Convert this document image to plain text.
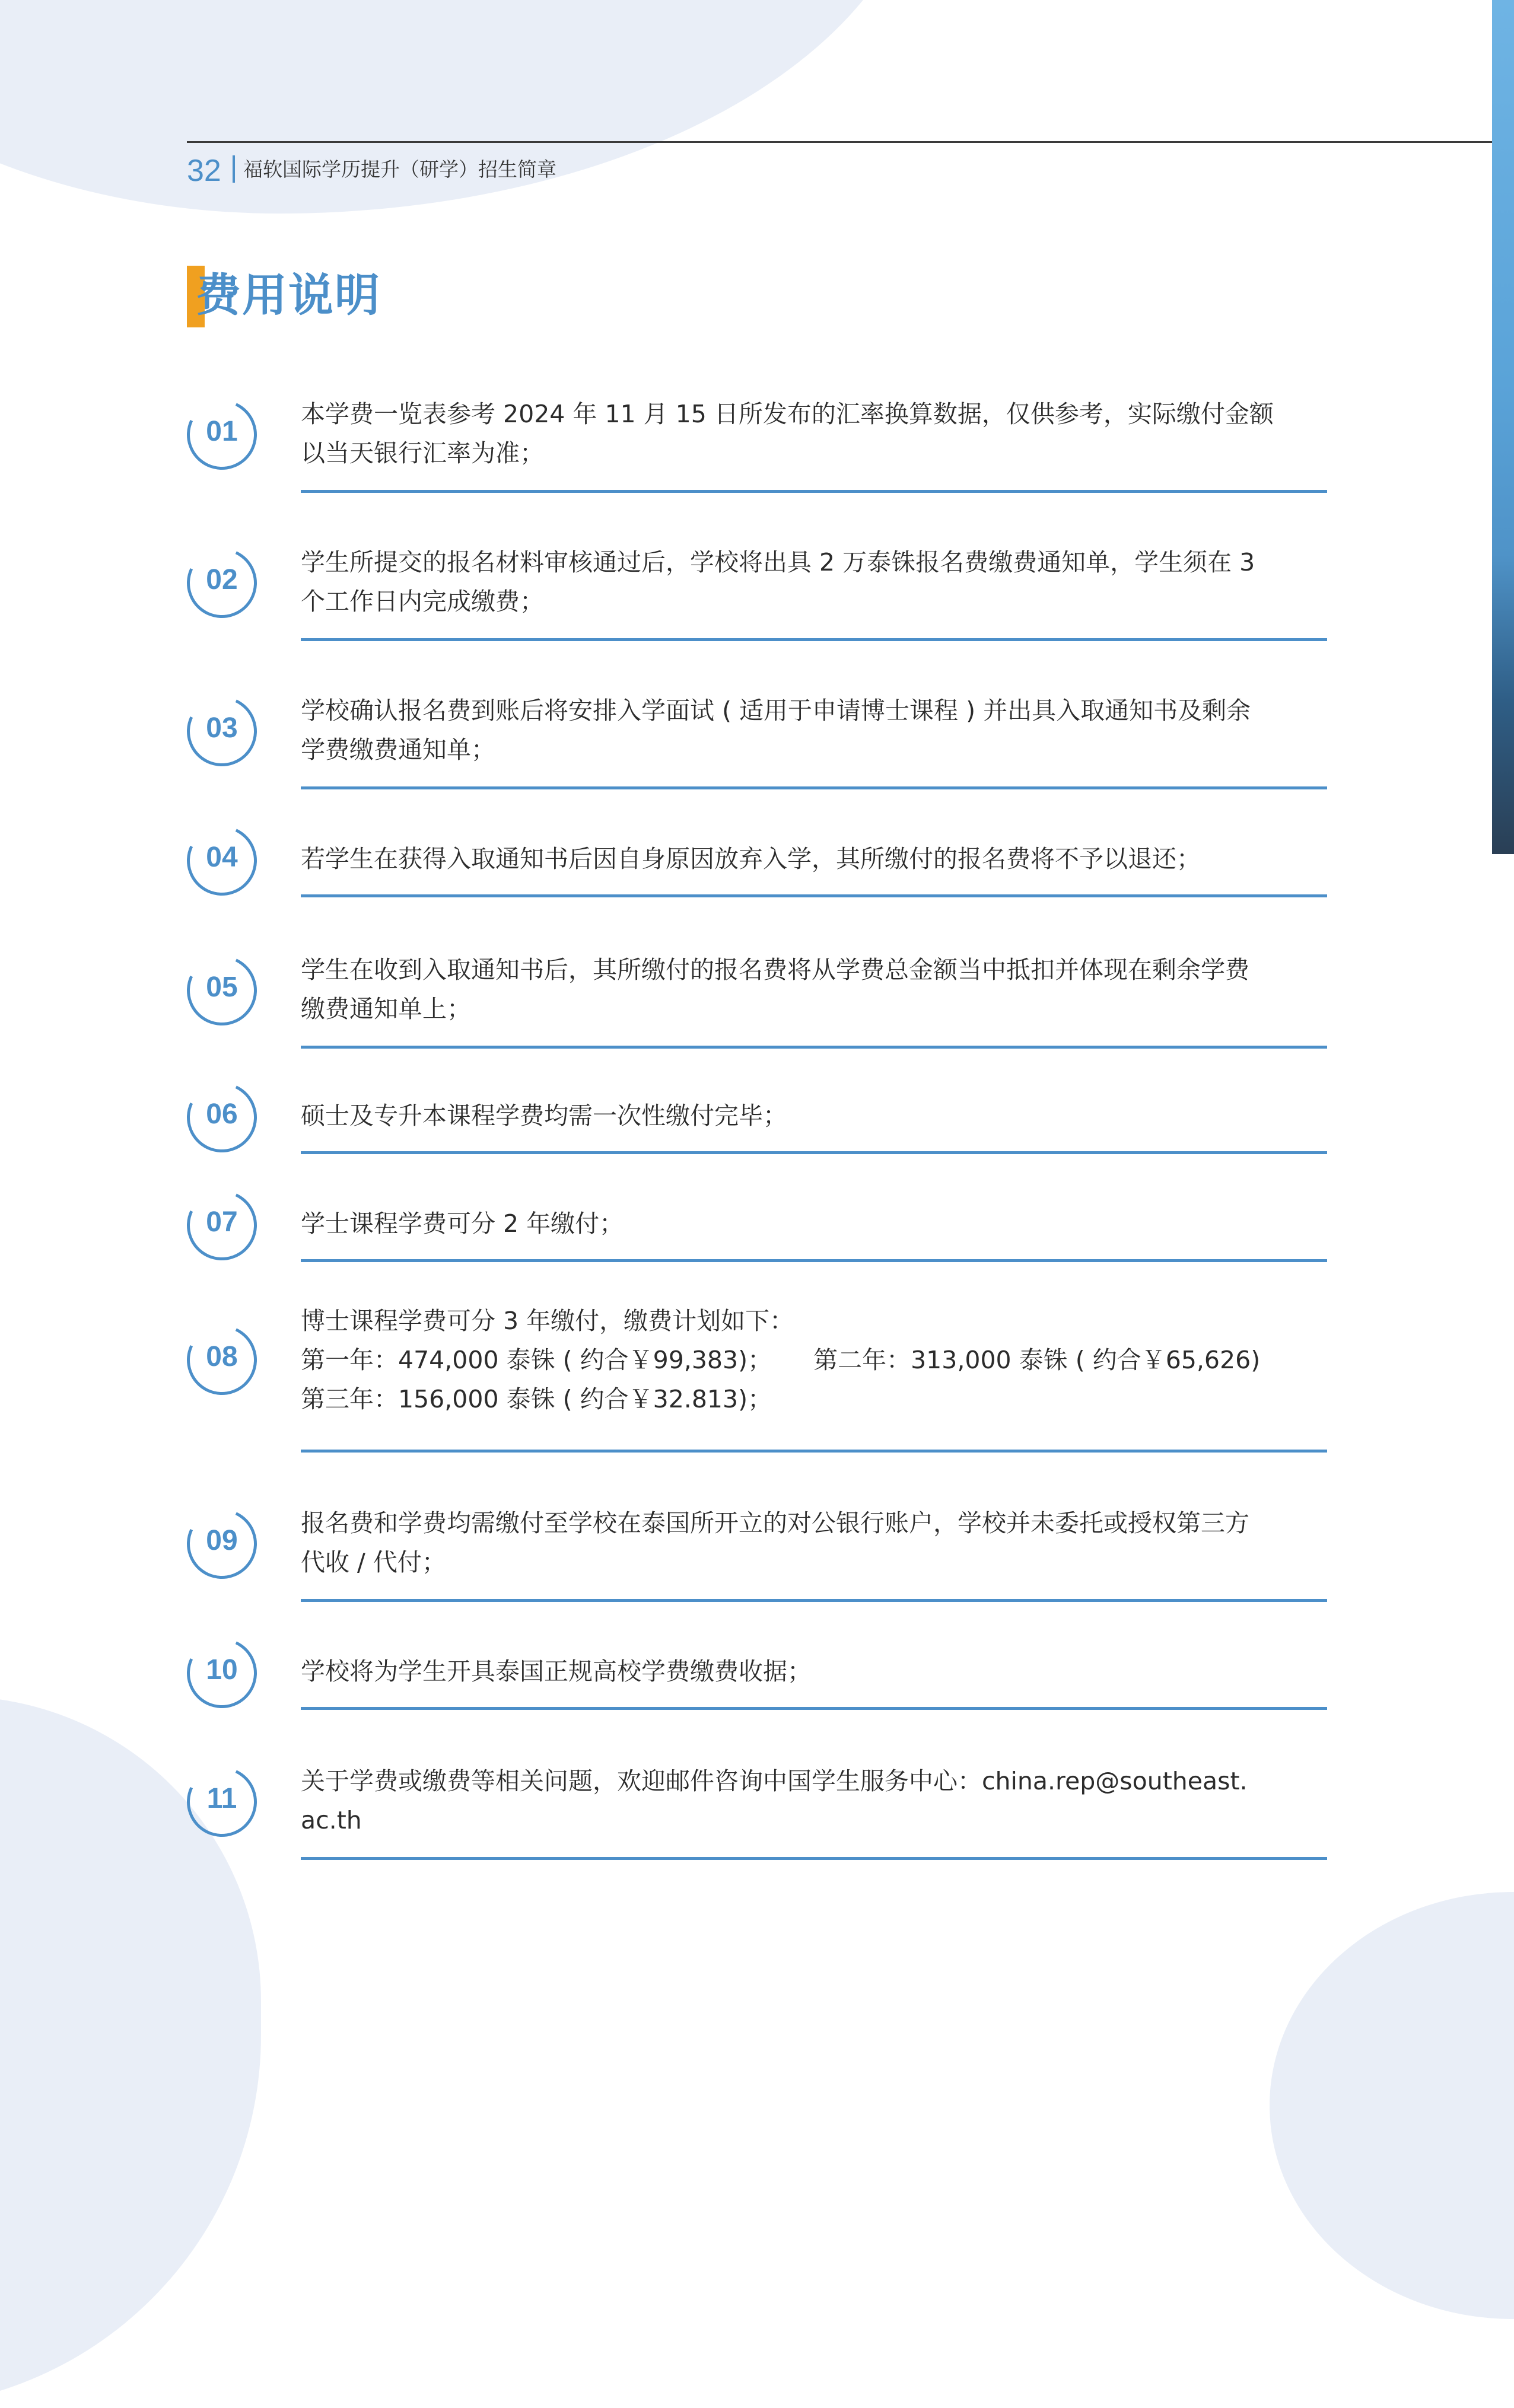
32 福软国际学历提升（研学）招生简章
费用说明
01
本学费一览表参考 2024 年 11 月 15 日所发布的汇率换算数据，仅供参考，实际缴付金额
以当天银行汇率为准；
02
学生所提交的报名材料审核通过后，学校将出具 2 万泰铢报名费缴费通知单，学生须在 3
个工作日内完成缴费；
03
学校确认报名费到账后将安排入学面试 ( 适用于申请博士课程 ) 并出具入取通知书及剩余
学费缴费通知单；
04	若学生在获得入取通知书后因自身原因放弃入学，其所缴付的报名费将不予以退还；
05
学生在收到入取通知书后，其所缴付的报名费将从学费总金额当中抵扣并体现在剩余学费
缴费通知单上；
06	硕士及专升本课程学费均需一次性缴付完毕；
07	学士课程学费可分 2 年缴付；
08
博士课程学费可分 3 年缴付，缴费计划如下：
第一年：474,000 泰铢 ( 约合￥99,383)； 第二年：313,000 泰铢 ( 约合￥65,626)
第三年：156,000 泰铢 ( 约合￥32.813)；
09
报名费和学费均需缴付至学校在泰国所开立的对公银行账户，学校并未委托或授权第三方
代收 / 代付；
10	学校将为学生开具泰国正规高校学费缴费收据；
11
关于学费或缴费等相关问题，欢迎邮件咨询中国学生服务中心：china.rep@southeast.
ac.th
